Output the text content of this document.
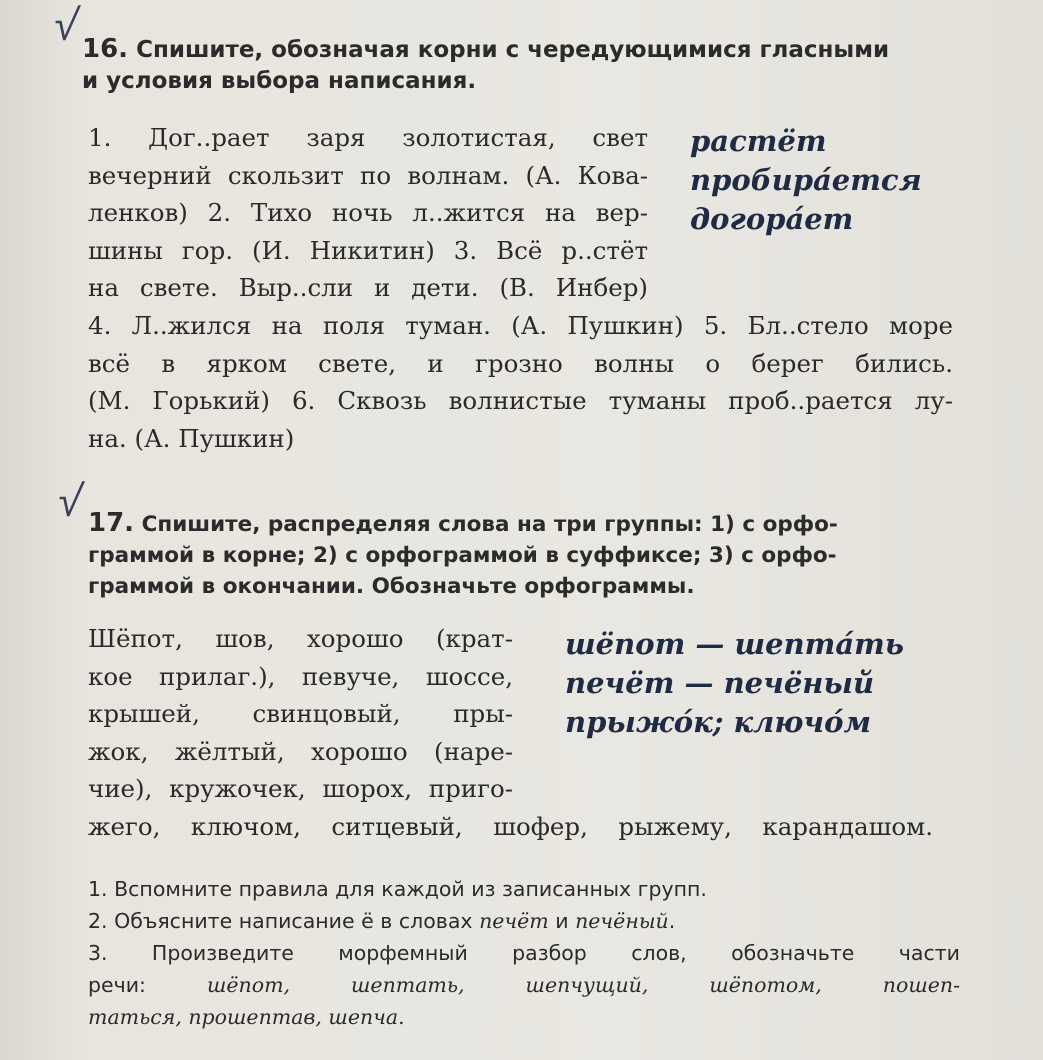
√ 16. Спишите, обозначая корни с чередующимися гласными
и условия выбора написания.
1. Дог..рает заря золотистая, свет
вечерний скользит по волнам. (А. Кова-
ленков) 2. Тихо ночь л..жится на вер-
шины гор. (И. Никитин) 3. Всё р..стёт
на свете. Выр..сли и дети. (В. Инбер)
4. Л..жился на поля туман. (А. Пушкин) 5. Бл..стело море
всё в ярком свете, и грозно волны о берег бились.
(М. Горький) 6. Сквозь волнистые туманы проб..рается лу-
на. (А. Пушкин)
растёт
пробира́ется
догора́ет
√ 17. Спишите, распределяя слова на три группы: 1) с орфо-
граммой в корне; 2) с орфограммой в суффиксе; 3) с орфо-
граммой в окончании. Обозначьте орфограммы.
Шёпот, шов, хорошо (крат-
кое прилаг.), певуче, шоссе,
крышей, свинцовый, пры-
жок, жёлтый, хорошо (наре-
чие), кружочек, шорох, приго-
жего, ключом, ситцевый, шофер, рыжему, карандашом.
шёпот — шепта́ть
печёт — печёный
прыжо́к; ключо́м
1. Вспомните правила для каждой из записанных групп.
2. Объясните написание ё в словах печёт и печёный.
3. Произведите морфемный разбор слов, обозначьте части
речи: шёпот, шептать, шепчущий, шёпотом, пошеп-
таться, прошептав, шепча.
